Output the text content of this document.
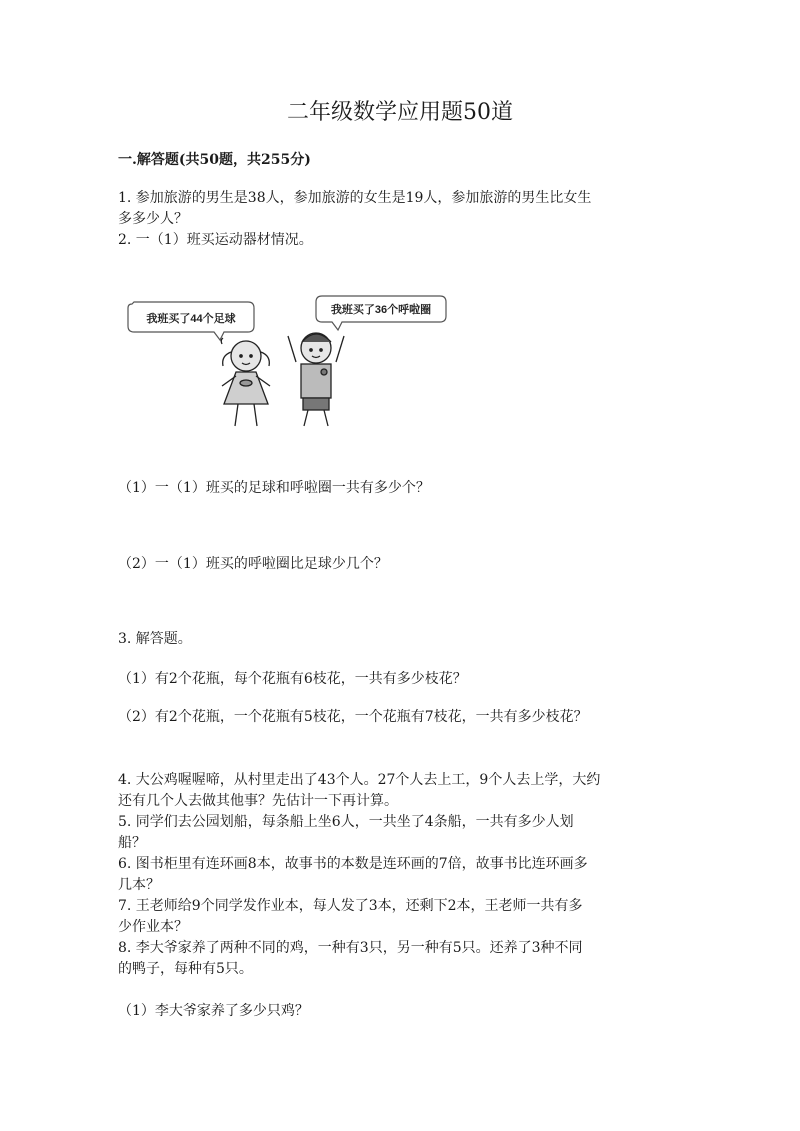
二年级数学应用题50道
一.解答题(共50题，共255分)
1. 参加旅游的男生是38人，参加旅游的女生是19人，参加旅游的男生比女生
多多少人？
2. 一（1）班买运动器材情况。
我班买了44个足球
我班买了36个呼啦圈
（1）一（1）班买的足球和呼啦圈一共有多少个？
（2）一（1）班买的呼啦圈比足球少几个？
3. 解答题。
（1）有2个花瓶，每个花瓶有6枝花，一共有多少枝花？
（2）有2个花瓶，一个花瓶有5枝花，一个花瓶有7枝花，一共有多少枝花？
4. 大公鸡喔喔啼，从村里走出了43个人。27个人去上工，9个人去上学，大约
还有几个人去做其他事？先估计一下再计算。
5. 同学们去公园划船，每条船上坐6人，一共坐了4条船，一共有多少人划
船？
6. 图书柜里有连环画8本，故事书的本数是连环画的7倍，故事书比连环画多
几本？
7. 王老师给9个同学发作业本，每人发了3本，还剩下2本，王老师一共有多
少作业本？
8. 李大爷家养了两种不同的鸡，一种有3只，另一种有5只。还养了3种不同
的鸭子，每种有5只。
（1）李大爷家养了多少只鸡？
